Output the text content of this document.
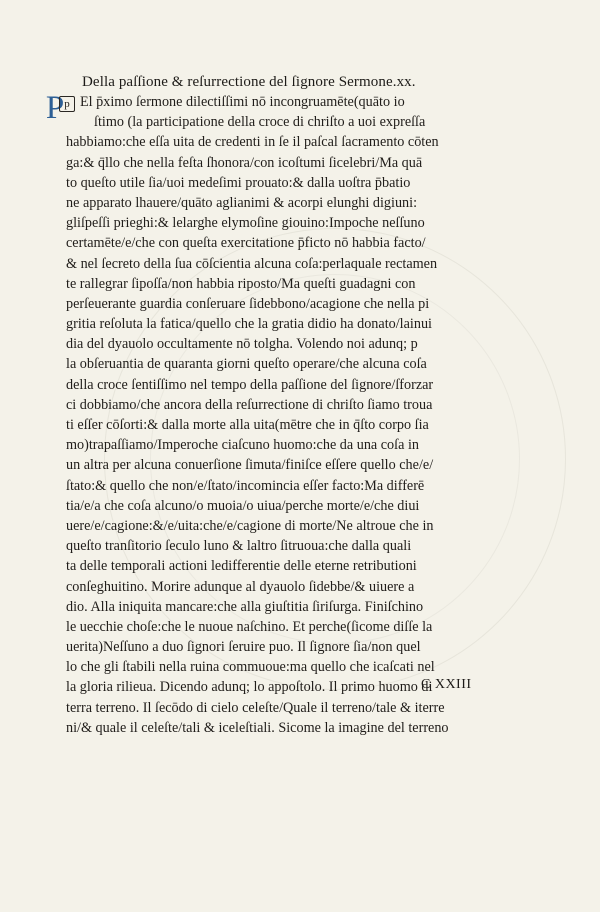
Della paſſione & reſurrectione del ſignore Sermone.xx.
P p El p̄ximo ſermone dilectiſſimi nō incongruamēte(quāto io
ſtimo (la participatione della croce di chriſto a uoi expreſſa
habbiamo:che eſſa uita de credenti in ſe il paſcal ſacramento cōten
ga:& q̄llo che nella feſta ſhonora/con icoſtumi ſicelebri/Ma quā
to queſto utile ſia/uoi medeſimi prouato:& dalla uoſtra p̄batio
ne apparato lhauere/quāto aglianimi & acorpi elunghi digiuni:
gliſpeſſi prieghi:& lelarghe elymoſine giouino:Impoche neſſuno
certamēte/e/che con queſta exercitatione p̄ficto nō habbia facto/
& nel ſecreto della ſua cōſcientia alcuna coſa:perlaquale rectamen
te rallegrar ſipoſſa/non habbia riposto/Ma queſti guadagni con
perſeuerante guardia conſeruare ſidebbono/acagione che nella pi
gritia reſoluta la fatica/quello che la gratia didio ha donato/lainui
dia del dyauolo occultamente nō tolgha. Volendo noi adunq; p
la obſeruantia de quaranta giorni queſto operare/che alcuna coſa
della croce ſentiſſimo nel tempo della paſſione del ſignore/ſforzar
ci dobbiamo/che ancora della reſurrectione di chriſto ſiamo troua
ti eſſer cōſorti:& dalla morte alla uita(mētre che in q̄ſto corpo ſia
mo)trapaſſiamo/Imperoche ciaſcuno huomo:che da una coſa in
un altra per alcuna conuerſione ſimuta/finiſce eſſere quello che/e/
ſtato:& quello che non/e/ſtato/incomincia eſſer facto:Ma differē
tia/e/a che coſa alcuno/o muoia/o uiua/perche morte/e/che diui
uere/e/cagione:&/e/uita:che/e/cagione di morte/Ne altroue che in
queſto tranſitorio ſeculo luno & laltro ſitruoua:che dalla quali
ta delle temporali actioni ledifferentie delle eterne retributioni
conſeghuitino. Morire adunque al dyauolo ſidebbe/& uiuere a
dio. Alla iniquita mancare:che alla giuſtitia ſiriſurga. Finiſchino
le uecchie choſe:che le nuoue naſchino. Et perche(ſicome diſſe la
uerita)Neſſuno a duo ſignori ſeruire puo. Il ſignore ſia/non quel
lo che gli ſtabili nella ruina commuoue:ma quello che icaſcati nel
la gloria rilieua. Dicendo adunq; lo appoſtolo. Il primo huomo di
terra terreno. Il ſecōdo di cielo celeſte/Quale il terreno/tale & iterre
ni/& quale il celeſte/tali & iceleſtiali. Sicome la imagine del terreno
C XXIII
